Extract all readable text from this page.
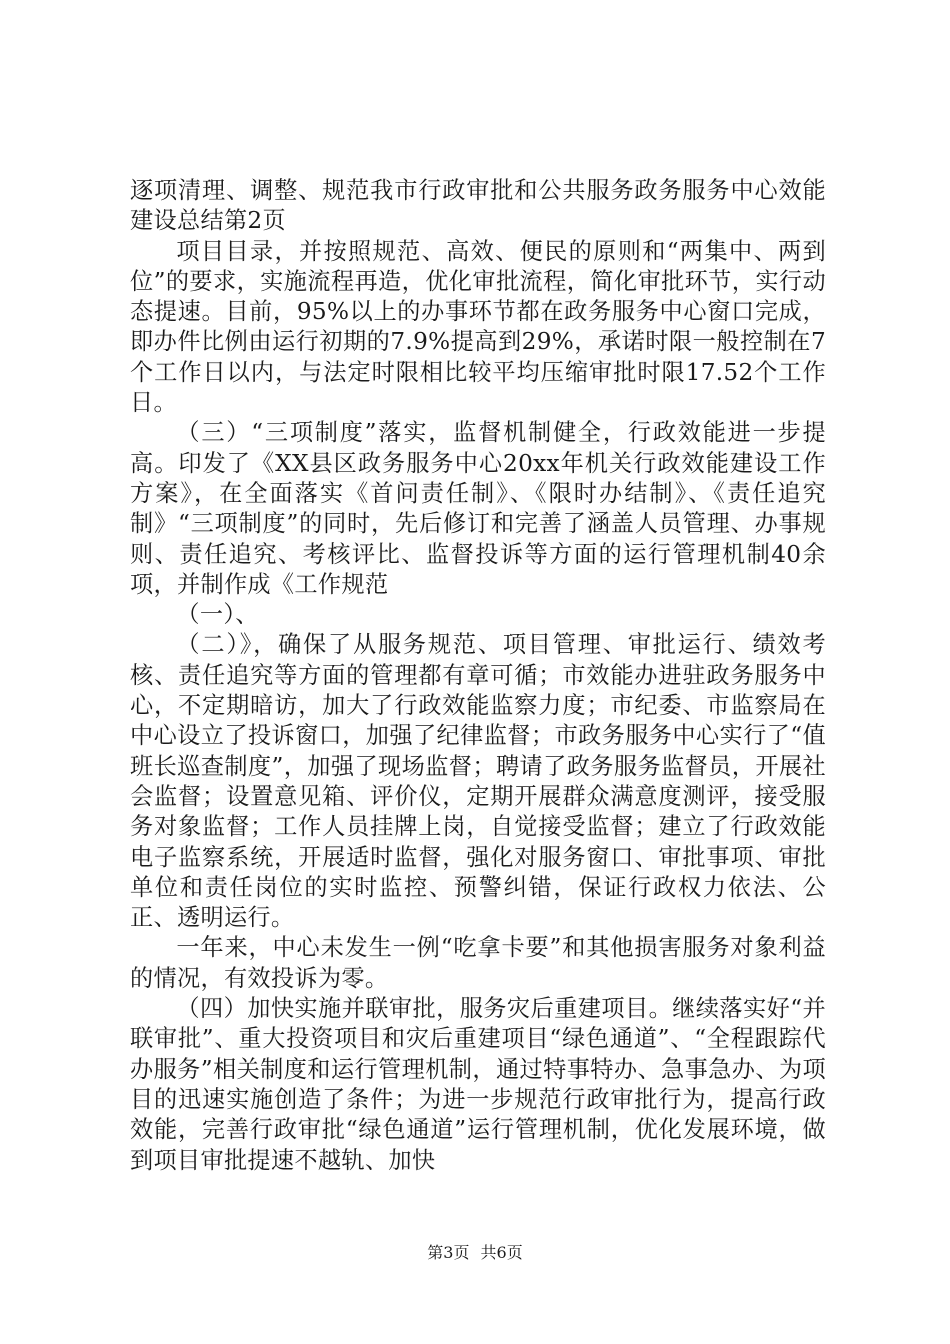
逐项清理、调整、规范我市行政审批和公共服务政务服务中心效能建设总结第2页

项目目录，并按照规范、高效、便民的原则和“两集中、两到位”的要求，实施流程再造，优化审批流程，简化审批环节，实行动态提速。目前，95%以上的办事环节都在政务服务中心窗口完成，即办件比例由运行初期的7.9%提高到29%，承诺时限一般控制在7个工作日以内，与法定时限相比较平均压缩审批时限17.52个工作日。

（三）“三项制度”落实，监督机制健全，行政效能进一步提高。印发了《XX县区政务服务中心20xx年机关行政效能建设工作方案》，在全面落实《首问责任制》、《限时办结制》、《责任追究制》“三项制度”的同时，先后修订和完善了涵盖人员管理、办事规则、责任追究、考核评比、监督投诉等方面的运行管理机制40余项，并制作成《工作规范

（一）、

（二）》，确保了从服务规范、项目管理、审批运行、绩效考核、责任追究等方面的管理都有章可循；市效能办进驻政务服务中心，不定期暗访，加大了行政效能监察力度；市纪委、市监察局在中心设立了投诉窗口，加强了纪律监督；市政务服务中心实行了“值班长巡查制度”，加强了现场监督；聘请了政务服务监督员，开展社会监督；设置意见箱、评价仪，定期开展群众满意度测评，接受服务对象监督；工作人员挂牌上岗，自觉接受监督；建立了行政效能电子监察系统，开展适时监督，强化对服务窗口、审批事项、审批单位和责任岗位的实时监控、预警纠错，保证行政权力依法、公正、透明运行。

一年来，中心未发生一例“吃拿卡要”和其他损害服务对象利益的情况，有效投诉为零。

（四）加快实施并联审批，服务灾后重建项目。继续落实好“并联审批”、重大投资项目和灾后重建项目“绿色通道”、“全程跟踪代办服务”相关制度和运行管理机制，通过特事特办、急事急办、为项目的迅速实施创造了条件；为进一步规范行政审批行为，提高行政效能，完善行政审批“绿色通道”运行管理机制，优化发展环境，做到项目审批提速不越轨、加快

第3页 共6页
